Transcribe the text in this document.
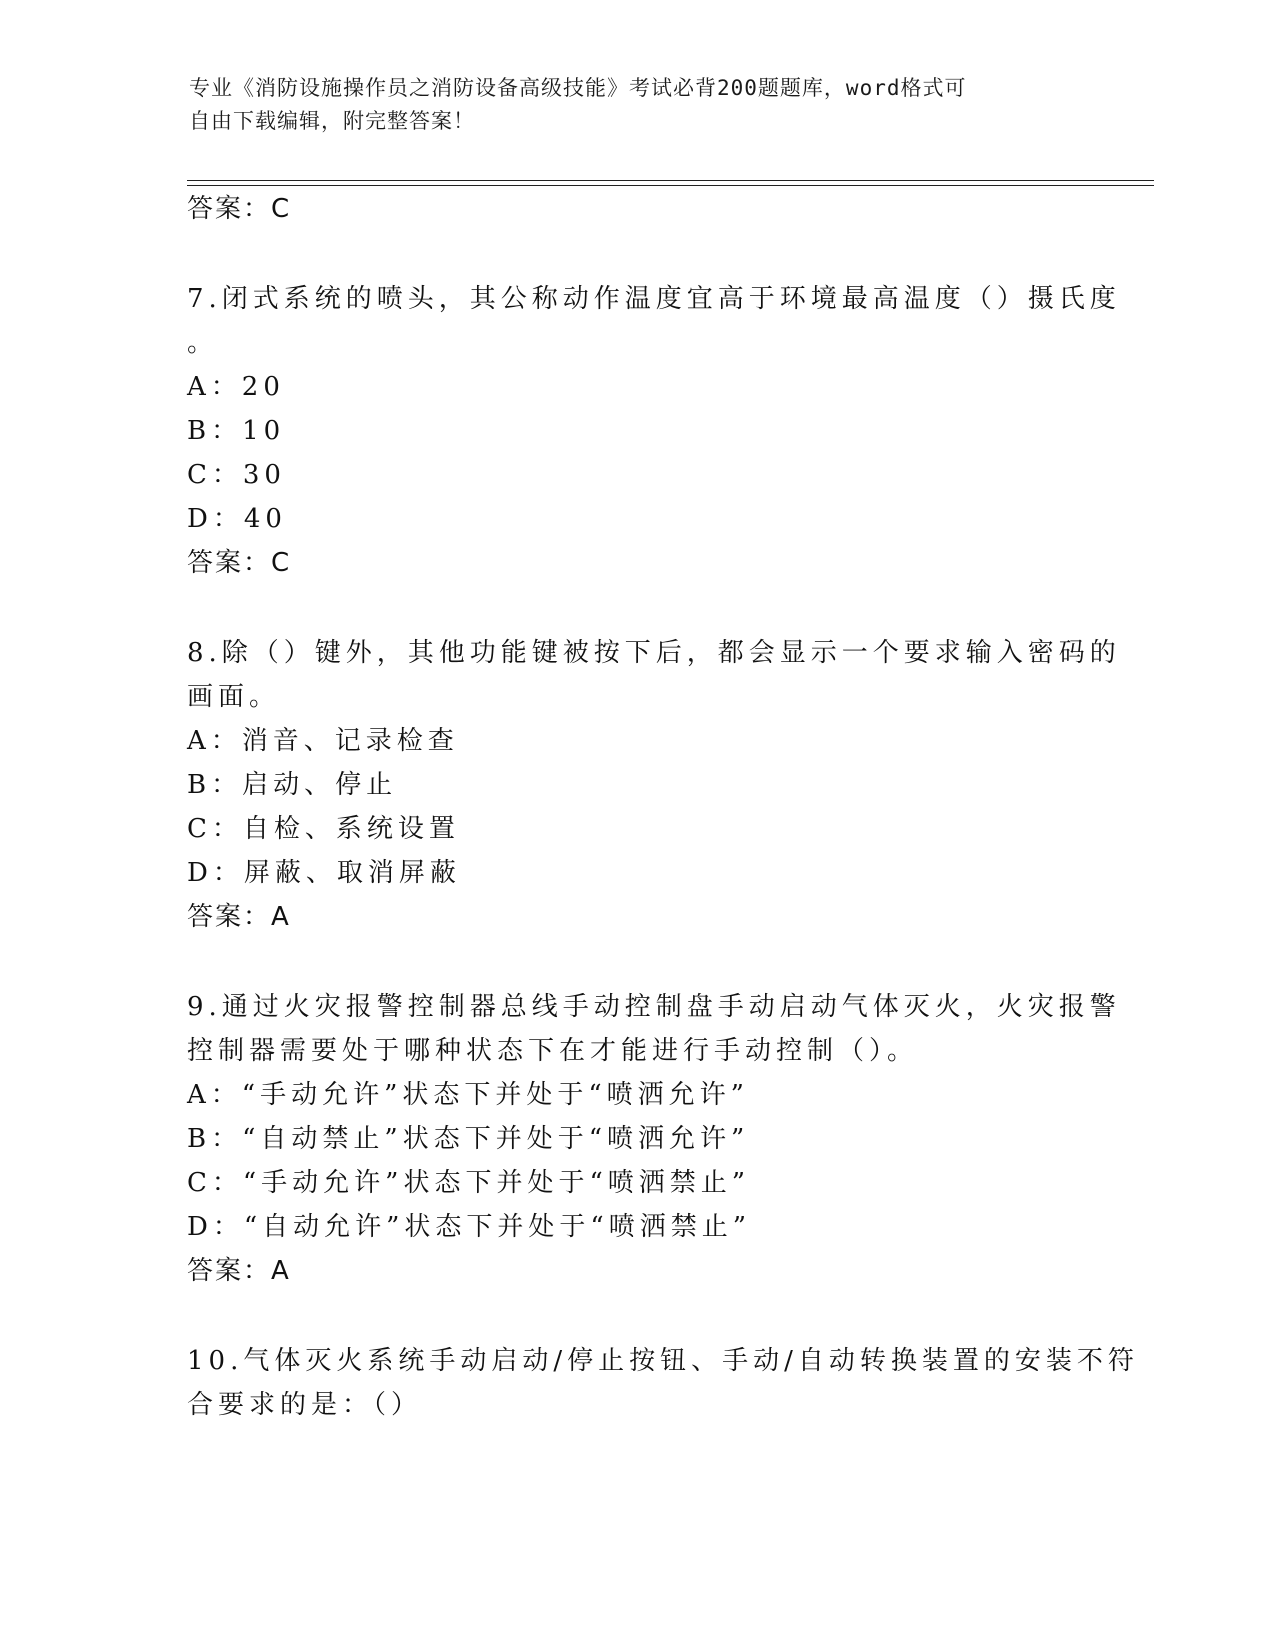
专业《消防设施操作员之消防设备高级技能》考试必背200题题库，word格式可
自由下载编辑，附完整答案！
答案：C
7.闭式系统的喷头，其公称动作温度宜高于环境最高温度（）摄氏度
。
A：20
B：10
C：30
D：40
答案：C
8.除（）键外，其他功能键被按下后，都会显示一个要求输入密码的
画面。
A：消音、记录检查
B：启动、停止
C：自检、系统设置
D：屏蔽、取消屏蔽
答案：A
9.通过火灾报警控制器总线手动控制盘手动启动气体灭火，火灾报警
控制器需要处于哪种状态下在才能进行手动控制（）。
A：“手动允许”状态下并处于“喷洒允许”
B：“自动禁止”状态下并处于“喷洒允许”
C：“手动允许”状态下并处于“喷洒禁止”
D：“自动允许”状态下并处于“喷洒禁止”
答案：A
10.气体灭火系统手动启动/停止按钮、手动/自动转换装置的安装不符
合要求的是：（）
